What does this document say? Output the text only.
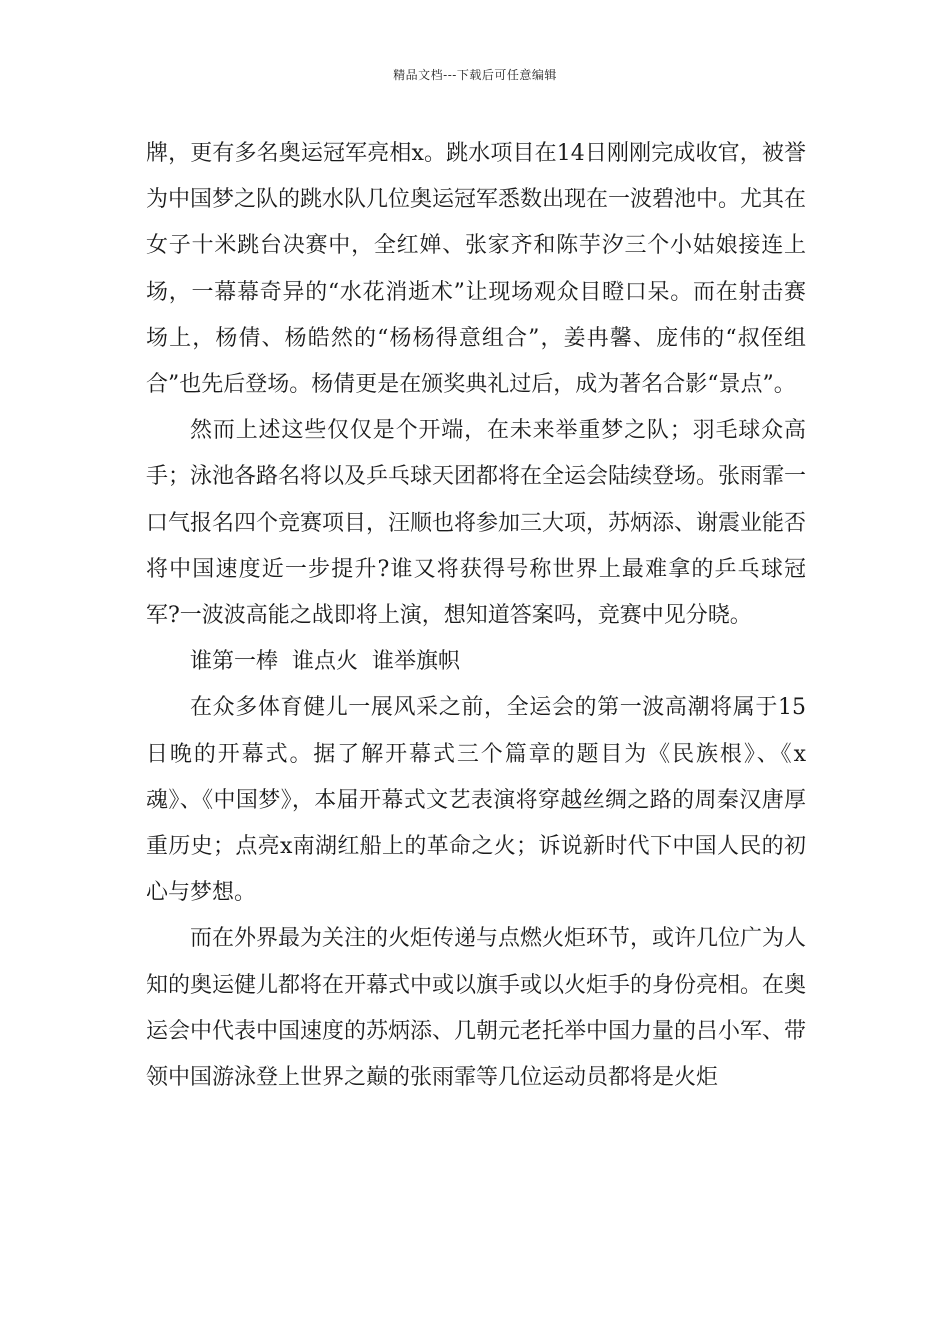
精品文档---下载后可任意编辑

牌，更有多名奥运冠军亮相x。跳水项目在14日刚刚完成收官，被誉为中国梦之队的跳水队几位奥运冠军悉数出现在一波碧池中。尤其在女子十米跳台决赛中，全红婵、张家齐和陈芋汐三个小姑娘接连上场，一幕幕奇异的“水花消逝术”让现场观众目瞪口呆。而在射击赛场上，杨倩、杨皓然的“杨杨得意组合”，姜冉馨、庞伟的“叔侄组合”也先后登场。杨倩更是在颁奖典礼过后，成为著名合影“景点”。

然而上述这些仅仅是个开端，在未来举重梦之队；羽毛球众高手；泳池各路名将以及乒乓球天团都将在全运会陆续登场。张雨霏一口气报名四个竞赛项目，汪顺也将参加三大项，苏炳添、谢震业能否将中国速度近一步提升?谁又将获得号称世界上最难拿的乒乓球冠军?一波波高能之战即将上演，想知道答案吗，竞赛中见分晓。

谁第一棒  谁点火  谁举旗帜

在众多体育健儿一展风采之前，全运会的第一波高潮将属于15日晚的开幕式。据了解开幕式三个篇章的题目为《民族根》、《x魂》、《中国梦》，本届开幕式文艺表演将穿越丝绸之路的周秦汉唐厚重历史；点亮x南湖红船上的革命之火；诉说新时代下中国人民的初心与梦想。

而在外界最为关注的火炬传递与点燃火炬环节，或许几位广为人知的奥运健儿都将在开幕式中或以旗手或以火炬手的身份亮相。在奥运会中代表中国速度的苏炳添、几朝元老托举中国力量的吕小军、带领中国游泳登上世界之巅的张雨霏等几位运动员都将是火炬
